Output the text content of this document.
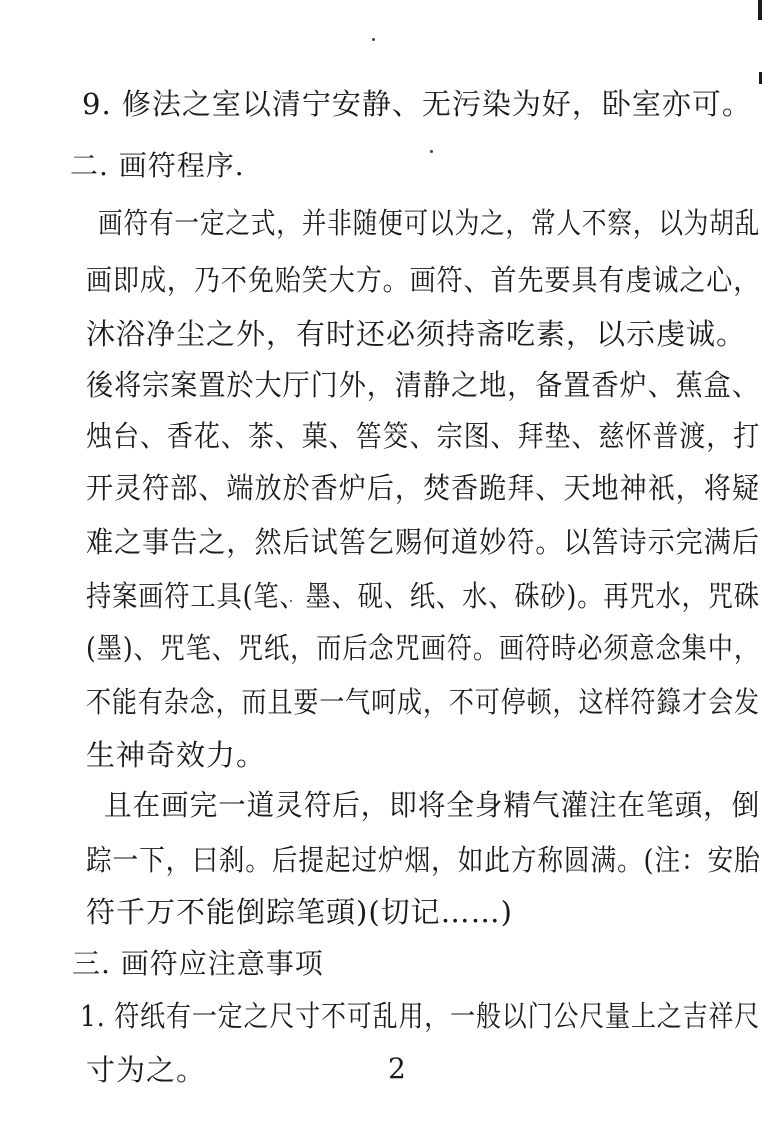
9. 修法之室以清宁安静、无污染为好，卧室亦可。
二. 画符程序.
画符有一定之式，并非随便可以为之，常人不察，以为胡乱
画即成，乃不免贻笑大方。画符、首先要具有虔诚之心，
沐浴净尘之外，有时还必须持斋吃素，以示虔诚。
後将宗案置於大厅门外，清静之地，备置香炉、蕉盒、
烛台、香花、茶、菓、筶筊、宗图、拜垫、慈怀普渡，打
开灵符部、端放於香炉后，焚香跪拜、天地神祇，将疑
难之事告之，然后试筶乞赐何道妙符。以筶诗示完满后
持案画符工具(笔、墨、砚、纸、水、硃砂)。再咒水，咒硃
(墨)、咒笔、咒纸，而后念咒画符。画符時必须意念集中，
不能有杂念，而且要一气呵成，不可停顿，这样符籙才会发
生神奇效力。
且在画完一道灵符后，即将全身精气灌注在笔頭，倒
踪一下，曰刹。后提起过炉烟，如此方称圆满。(注：安胎
符千万不能倒踪笔頭)(切记……)
三. 画符应注意事项
1. 符纸有一定之尺寸不可乱用，一般以门公尺量上之吉祥尺
寸为之。	2
